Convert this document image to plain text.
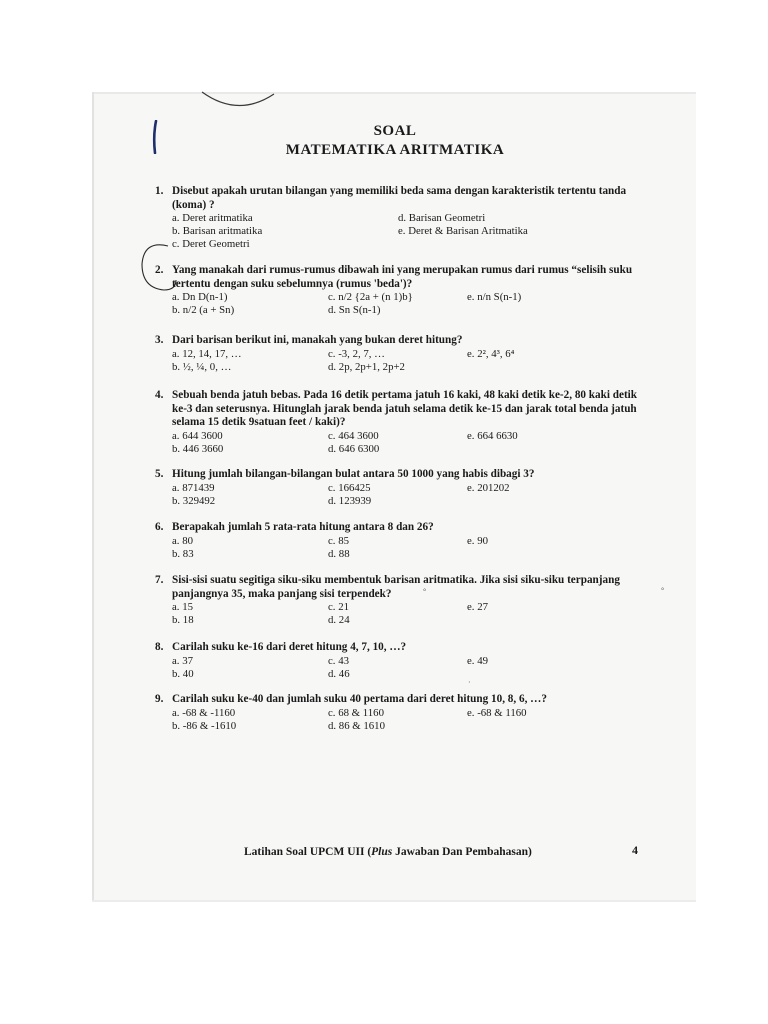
SOAL
MATEMATIKA ARITMATIKA
1. Disebut apakah urutan bilangan yang memiliki beda sama dengan karakteristik tertentu tanda (koma) ?
a. Deret aritmatika
b. Barisan aritmatika
c. Deret Geometri
d. Barisan Geometri
e. Deret & Barisan Aritmatika
2. Yang manakah dari rumus-rumus dibawah ini yang merupakan rumus dari rumus “selisih suku tertentu dengan suku sebelumnya (rumus 'beda')?
a. Dn D(n-1)
b. n/2 (a + Sn)
c. n/2 {2a + (n 1)b}
d. Sn S(n-1)
e. n/n S(n-1)
3. Dari barisan berikut ini, manakah yang bukan deret hitung?
a. 12, 14, 17, …
b. ½, ¼, 0, …
c. -3, 2, 7, …
d. 2p, 2p+1, 2p+2
e. 2², 4³, 6⁴
4. Sebuah benda jatuh bebas. Pada 16 detik pertama jatuh 16 kaki, 48 kaki detik ke-2, 80 kaki detik ke-3 dan seterusnya. Hitunglah jarak benda jatuh selama detik ke-15 dan jarak total benda jatuh selama 15 detik 9satuan feet / kaki)?
a. 644 3600
b. 446 3660
c. 464 3600
d. 646 6300
e. 664 6630
5. Hitung jumlah bilangan-bilangan bulat antara 50 1000 yang habis dibagi 3?
a. 871439
b. 329492
c. 166425
d. 123939
e. 201202
6. Berapakah jumlah 5 rata-rata hitung antara 8 dan 26?
a. 80
b. 83
c. 85
d. 88
e. 90
7. Sisi-sisi suatu segitiga siku-siku membentuk barisan aritmatika. Jika sisi siku-siku terpanjang panjangnya 35, maka panjang sisi terpendek?
a. 15
b. 18
c. 21
d. 24
e. 27
8. Carilah suku ke-16 dari deret hitung 4, 7, 10, …?
a. 37
b. 40
c. 43
d. 46
e. 49
9. Carilah suku ke-40 dan jumlah suku 40 pertama dari deret hitung 10, 8, 6, …?
a. -68 & -1160
b. -86 & -1610
c. 68 & 1160
d. 86 & 1610
e. -68 & 1160
°	°
·
Latihan Soal UPCM UII (Plus Jawaban Dan Pembahasan)	4
